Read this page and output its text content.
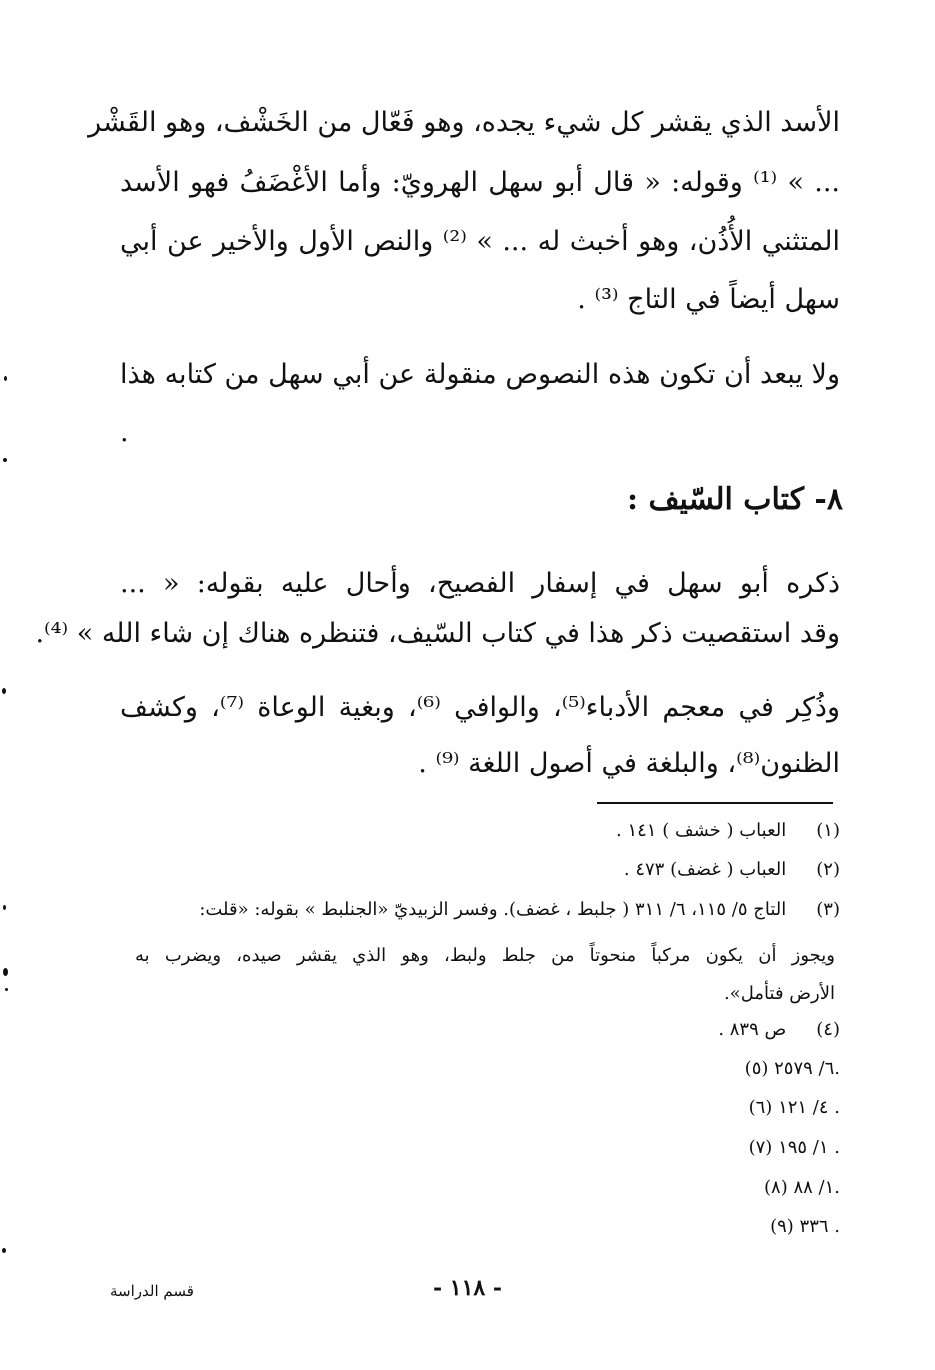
الأسد الذي يقشر كل شيء يجده، وهو فَعّال من الخَشْف، وهو القَشْر
... » ⁽¹⁾ وقوله: « قال أبو سهل الهرويّ: وأما الأغْضَفُ فهو الأسد
المتثني الأُذُن، وهو أخبث له ... » ⁽²⁾ والنص الأول والأخير عن أبي
سهل أيضاً في التاج ⁽³⁾ .
ولا يبعد أن تكون هذه النصوص منقولة عن أبي سهل من كتابه هذا
.
٨- كتاب السّيف :
ذكره أبو سهل في إسفار الفصيح، وأحال عليه بقوله: « ...
وقد استقصيت ذكر هذا في كتاب السّيف، فتنظره هناك إن شاء الله » ⁽⁴⁾.
وذُكِر في معجم الأدباء⁽⁵⁾، والوافي ⁽⁶⁾، وبغية الوعاة ⁽⁷⁾، وكشف
الظنون⁽⁸⁾، والبلغة في أصول اللغة ⁽⁹⁾ .
(١) العباب ( خشف ) ١٤١ .
(٢) العباب ( غضف) ٤٧٣ .
(٣) التاج ٥/ ١١٥، ٦/ ٣١١ ( جلبط ، غضف). وفسر الزبيديّ «الجنلبط » بقوله: «قلت:
ويجوز أن يكون مركباً منحوتاً من جلط ولبط، وهو الذي يقشر صيده، ويضرب به
الأرض فتأمل».
(٤) ص ٨٣٩ .
(٥) ٦/ ٢٥٧٩.
(٦) ٤/ ١٢١ .
(٧) ١/ ١٩٥ .
(٨) ١/ ٨٨.
(٩) ٣٣٦ .
- ١١٨ -
قسم الدراسة
